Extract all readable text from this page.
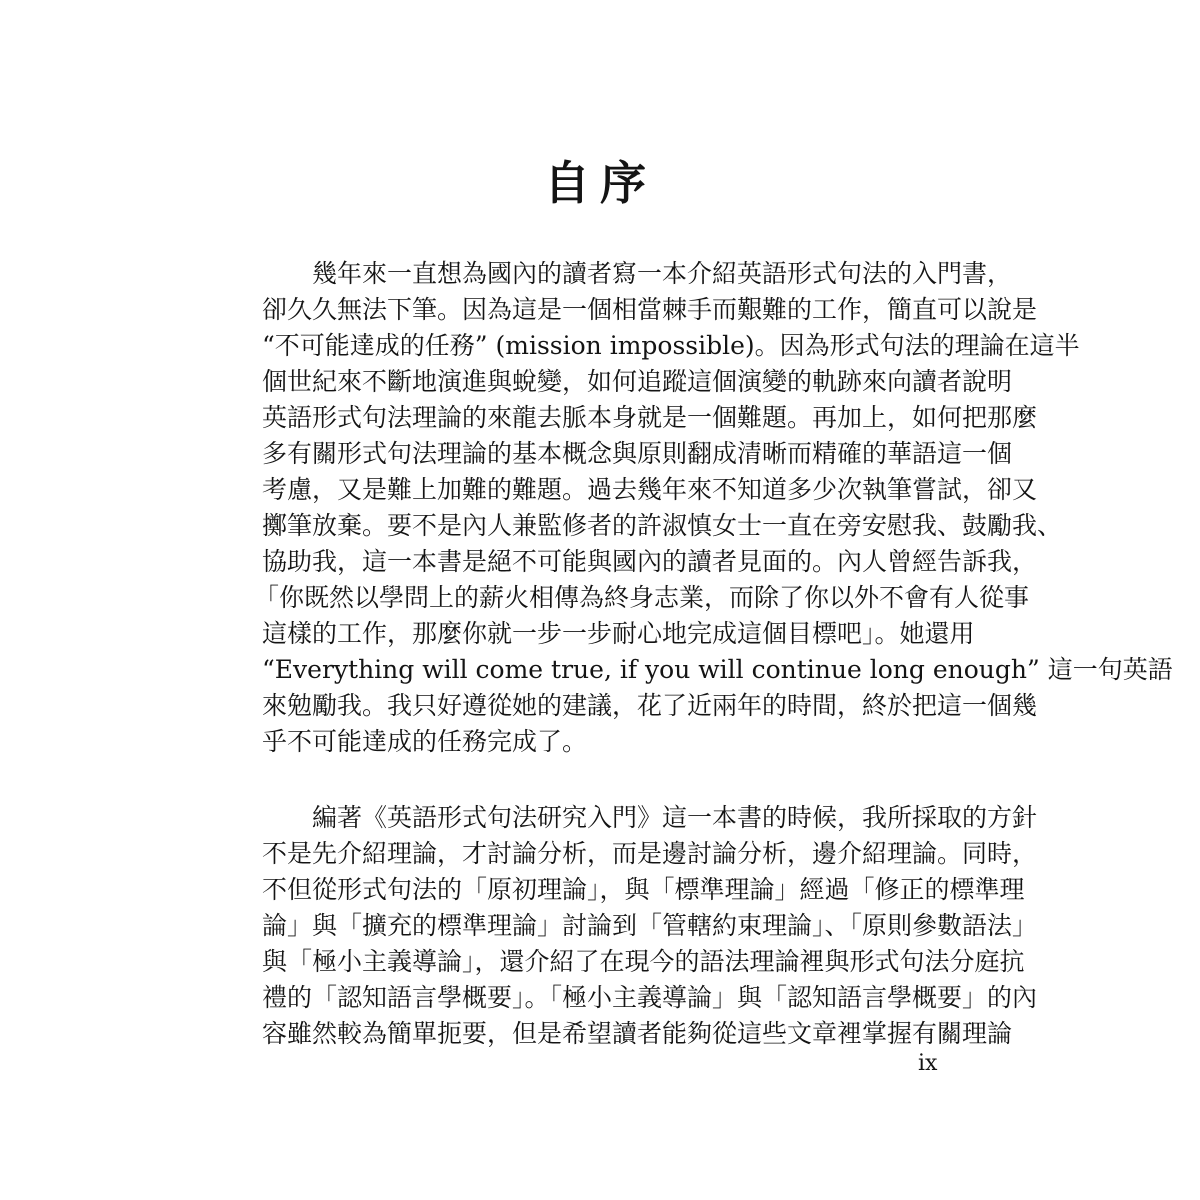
自序
幾年來一直想為國內的讀者寫一本介紹英語形式句法的入門書，
卻久久無法下筆。因為這是一個相當棘手而艱難的工作，簡直可以說是
“不可能達成的任務” (mission impossible)。因為形式句法的理論在這半
個世紀來不斷地演進與蛻變，如何追蹤這個演變的軌跡來向讀者說明
英語形式句法理論的來龍去脈本身就是一個難題。再加上，如何把那麼
多有關形式句法理論的基本概念與原則翻成清晰而精確的華語這一個
考慮，又是難上加難的難題。過去幾年來不知道多少次執筆嘗試，卻又
擲筆放棄。要不是內人兼監修者的許淑慎女士一直在旁安慰我、鼓勵我、
協助我，這一本書是絕不可能與國內的讀者見面的。內人曾經告訴我，
「你既然以學問上的薪火相傳為終身志業，而除了你以外不會有人從事
這樣的工作，那麼你就一步一步耐心地完成這個目標吧」。她還用
“Everything will come true, if you will continue long enough” 這一句英語
來勉勵我。我只好遵從她的建議，花了近兩年的時間，終於把這一個幾
乎不可能達成的任務完成了。
編著《英語形式句法研究入門》這一本書的時候，我所採取的方針
不是先介紹理論，才討論分析，而是邊討論分析，邊介紹理論。同時，
不但從形式句法的「原初理論」，與「標準理論」經過「修正的標準理
論」與「擴充的標準理論」討論到「管轄約束理論」、「原則參數語法」
與「極小主義導論」，還介紹了在現今的語法理論裡與形式句法分庭抗
禮的「認知語言學概要」。「極小主義導論」與「認知語言學概要」的內
容雖然較為簡單扼要，但是希望讀者能夠從這些文章裡掌握有關理論
ix
